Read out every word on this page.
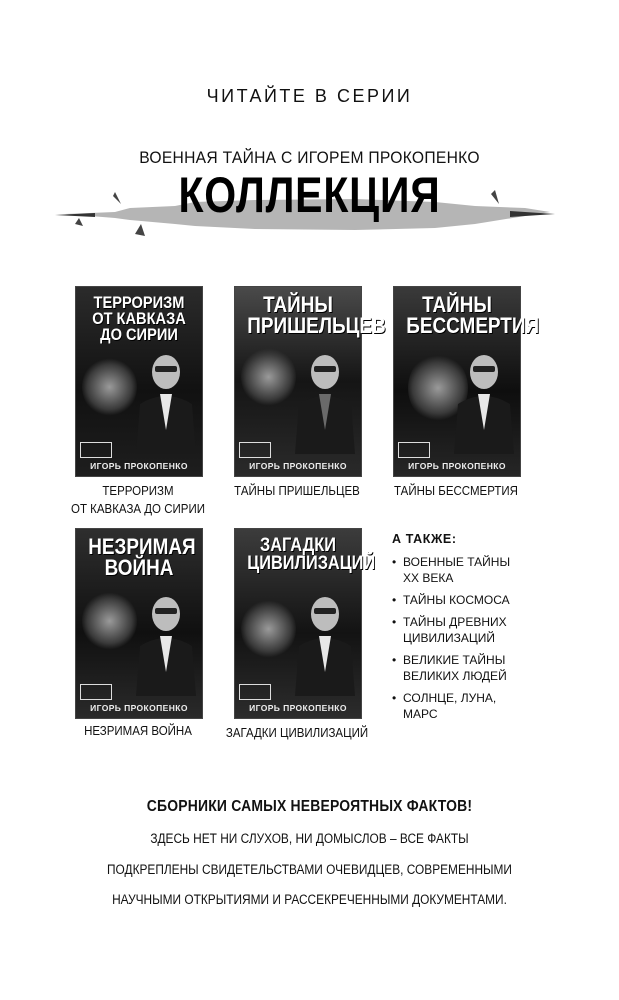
ЧИТАЙТЕ В СЕРИИ
ВОЕННАЯ ТАЙНА С ИГОРЕМ ПРОКОПЕНКО
КОЛЛЕКЦИЯ
ТЕРРОРИЗМ ОТ КАВКАЗА ДО СИРИИ
ИГОРЬ ПРОКОПЕНКО
ТЕРРОРИЗМ
ОТ КАВКАЗА ДО СИРИИ
ТАЙНЫ ПРИШЕЛЬЦЕВ
ИГОРЬ ПРОКОПЕНКО
ТАЙНЫ ПРИШЕЛЬЦЕВ
ТАЙНЫ БЕССМЕРТИЯ
ИГОРЬ ПРОКОПЕНКО
ТАЙНЫ БЕССМЕРТИЯ
НЕЗРИМАЯ ВОЙНА
ИГОРЬ ПРОКОПЕНКО
НЕЗРИМАЯ ВОЙНА
ЗАГАДКИ ЦИВИЛИЗАЦИЙ
ИГОРЬ ПРОКОПЕНКО
ЗАГАДКИ ЦИВИЛИЗАЦИЙ
А ТАКЖЕ:
• ВОЕННЫЕ ТАЙНЫ
XX ВЕКА
• ТАЙНЫ КОСМОСА
• ТАЙНЫ ДРЕВНИХ
ЦИВИЛИЗАЦИЙ
• ВЕЛИКИЕ ТАЙНЫ
ВЕЛИКИХ ЛЮДЕЙ
• СОЛНЦЕ, ЛУНА, МАРС
СБОРНИКИ САМЫХ НЕВЕРОЯТНЫХ ФАКТОВ!
ЗДЕСЬ НЕТ НИ СЛУХОВ, НИ ДОМЫСЛОВ – ВСЕ ФАКТЫ
ПОДКРЕПЛЕНЫ СВИДЕТЕЛЬСТВАМИ ОЧЕВИДЦЕВ, СОВРЕМЕННЫМИ
НАУЧНЫМИ ОТКРЫТИЯМИ И РАССЕКРЕЧЕННЫМИ ДОКУМЕНТАМИ.
